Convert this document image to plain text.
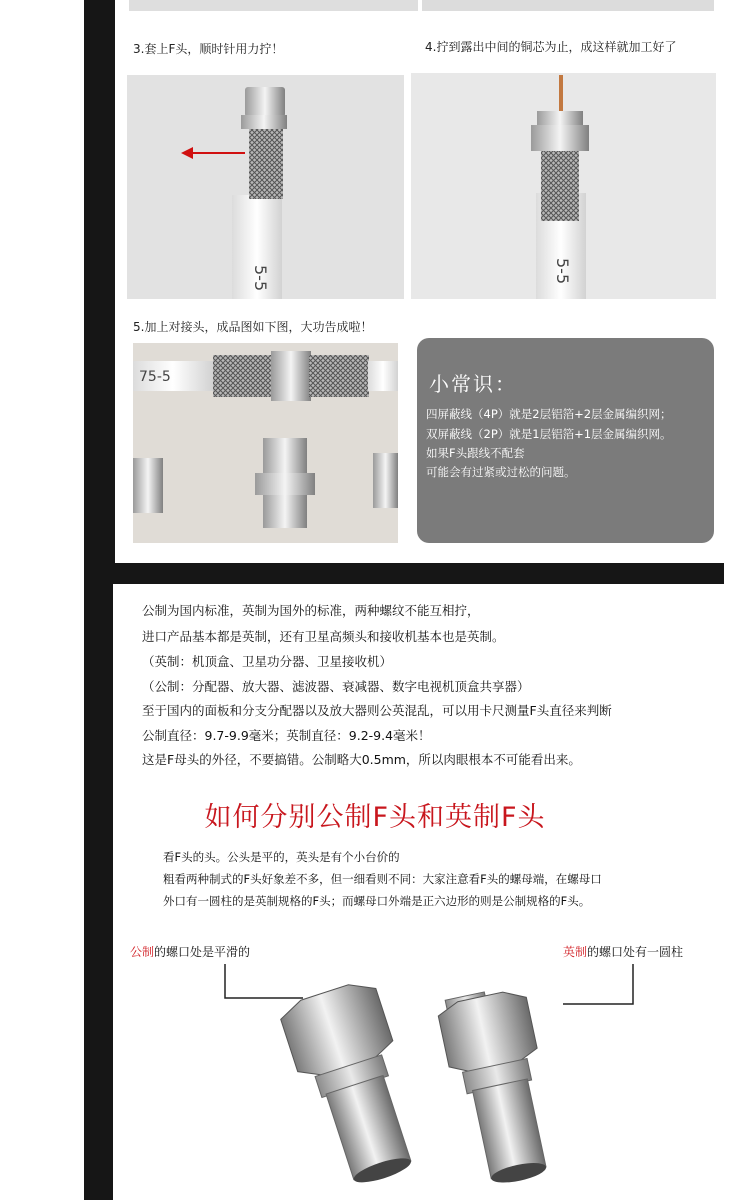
3.套上F头，顺时针用力拧！	4.拧到露出中间的铜芯为止，成这样就加工好了
5-5	5-5
5.加上对接头，成品图如下图，大功告成啦！
75-5	小常识：
四屏蔽线（4P）就是2层铝箔+2层金属编织网；
双屏蔽线（2P）就是1层铝箔+1层金属编织网。
如果F头跟线不配套
可能会有过紧或过松的问题。
公制为国内标准，英制为国外的标准，两种螺纹不能互相拧，
进口产品基本都是英制，还有卫星高频头和接收机基本也是英制。
（英制：机顶盒、卫星功分器、卫星接收机）
（公制：分配器、放大器、滤波器、衰减器、数字电视机顶盒共享器）
至于国内的面板和分支分配器以及放大器则公英混乱，可以用卡尺测量F头直径来判断
公制直径：9.7-9.9毫米；英制直径：9.2-9.4毫米！
这是F母头的外径，不要搞错。公制略大0.5mm，所以肉眼根本不可能看出来。
如何分别公制F头和英制F头
看F头的头。公头是平的，英头是有个小台价的
粗看两种制式的F头好象差不多，但一细看则不同：大家注意看F头的螺母端，在螺母口
外口有一圆柱的是英制规格的F头；而螺母口外端是正六边形的则是公制规格的F头。
公制的螺口处是平滑的	英制的螺口处有一圆柱
